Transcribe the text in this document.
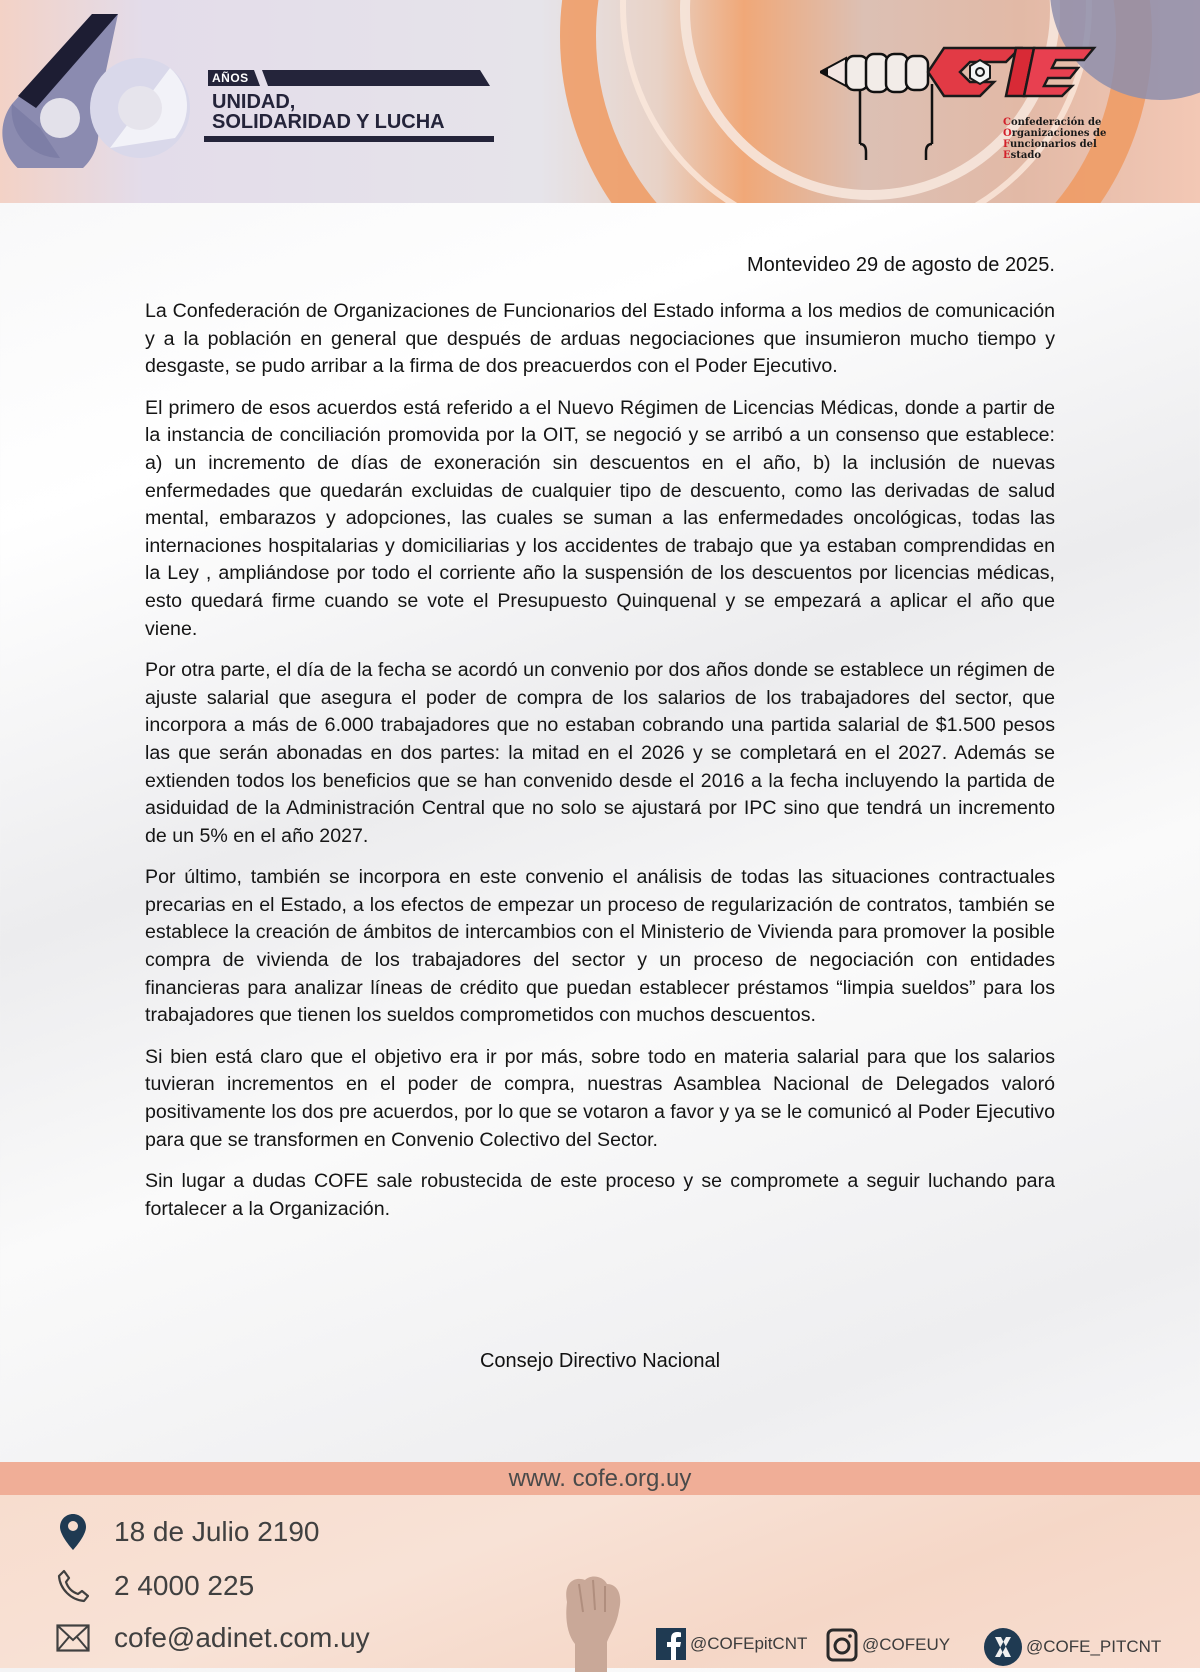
AÑOS
UNIDAD,
SOLIDARIDAD Y LUCHA	Confederación de
Organizaciones de
Funcionarios del
Estado
Montevideo 29 de agosto de 2025.

La Confederación de Organizaciones de Funcionarios del Estado informa a los medios de comunicación y a la población en general que después de arduas negociaciones que insumieron mucho tiempo y desgaste, se pudo arribar a la firma de dos preacuerdos con el Poder Ejecutivo.

El primero de esos acuerdos está referido a el Nuevo Régimen de Licencias Médicas, donde a partir de la instancia de conciliación promovida por la OIT, se negoció y se arribó a un consenso que establece: a) un incremento de días de exoneración sin descuentos en el año, b) la inclusión de nuevas enfermedades que quedarán excluidas de cualquier tipo de descuento, como las derivadas de salud mental, embarazos y adopciones, las cuales se suman a las enfermedades oncológicas, todas las internaciones hospitalarias y domiciliarias y los accidentes de trabajo que ya estaban comprendidas en la Ley , ampliándose por todo el corriente año la suspensión de los descuentos por licencias médicas, esto quedará firme cuando se vote el Presupuesto Quinquenal y se empezará a aplicar el año que viene.

Por otra parte, el día de la fecha se acordó un convenio por dos años donde se establece un régimen de ajuste salarial que asegura el poder de compra de los salarios de los trabajadores del sector, que incorpora a más de 6.000 trabajadores que no estaban cobrando una partida salarial de $1.500 pesos las que serán abonadas en dos partes: la mitad en el 2026 y se completará en el 2027. Además se extienden todos los beneficios que se han convenido desde el 2016 a la fecha incluyendo la partida de asiduidad de la Administración Central que no solo se ajustará por IPC sino que tendrá un incremento de un 5% en el año 2027.

Por último, también se incorpora en este convenio el análisis de todas las situaciones contractuales precarias en el Estado, a los efectos de empezar un proceso de regularización de contratos, también se establece la creación de ámbitos de intercambios con el Ministerio de Vivienda para promover la posible compra de vivienda de los trabajadores del sector y un proceso de negociación con entidades financieras para analizar líneas de crédito que puedan establecer préstamos “limpia sueldos” para los trabajadores que tienen los sueldos comprometidos con muchos descuentos.

Si bien está claro que el objetivo era ir por más, sobre todo en materia salarial para que los salarios tuvieran incrementos en el poder de compra, nuestras Asamblea Nacional de Delegados valoró positivamente los dos pre acuerdos, por lo que se votaron a favor y ya se le comunicó al Poder Ejecutivo para que se transformen en Convenio Colectivo del Sector.

Sin lugar a dudas COFE sale robustecida de este proceso y se compromete a seguir luchando para fortalecer a la Organización.

Consejo Directivo Nacional
www. cofe.org.uy
18 de Julio 2190
2 4000 225
cofe@adinet.com.uy	@COFEpitCNT	@COFEUY	@COFE_PITCNT
